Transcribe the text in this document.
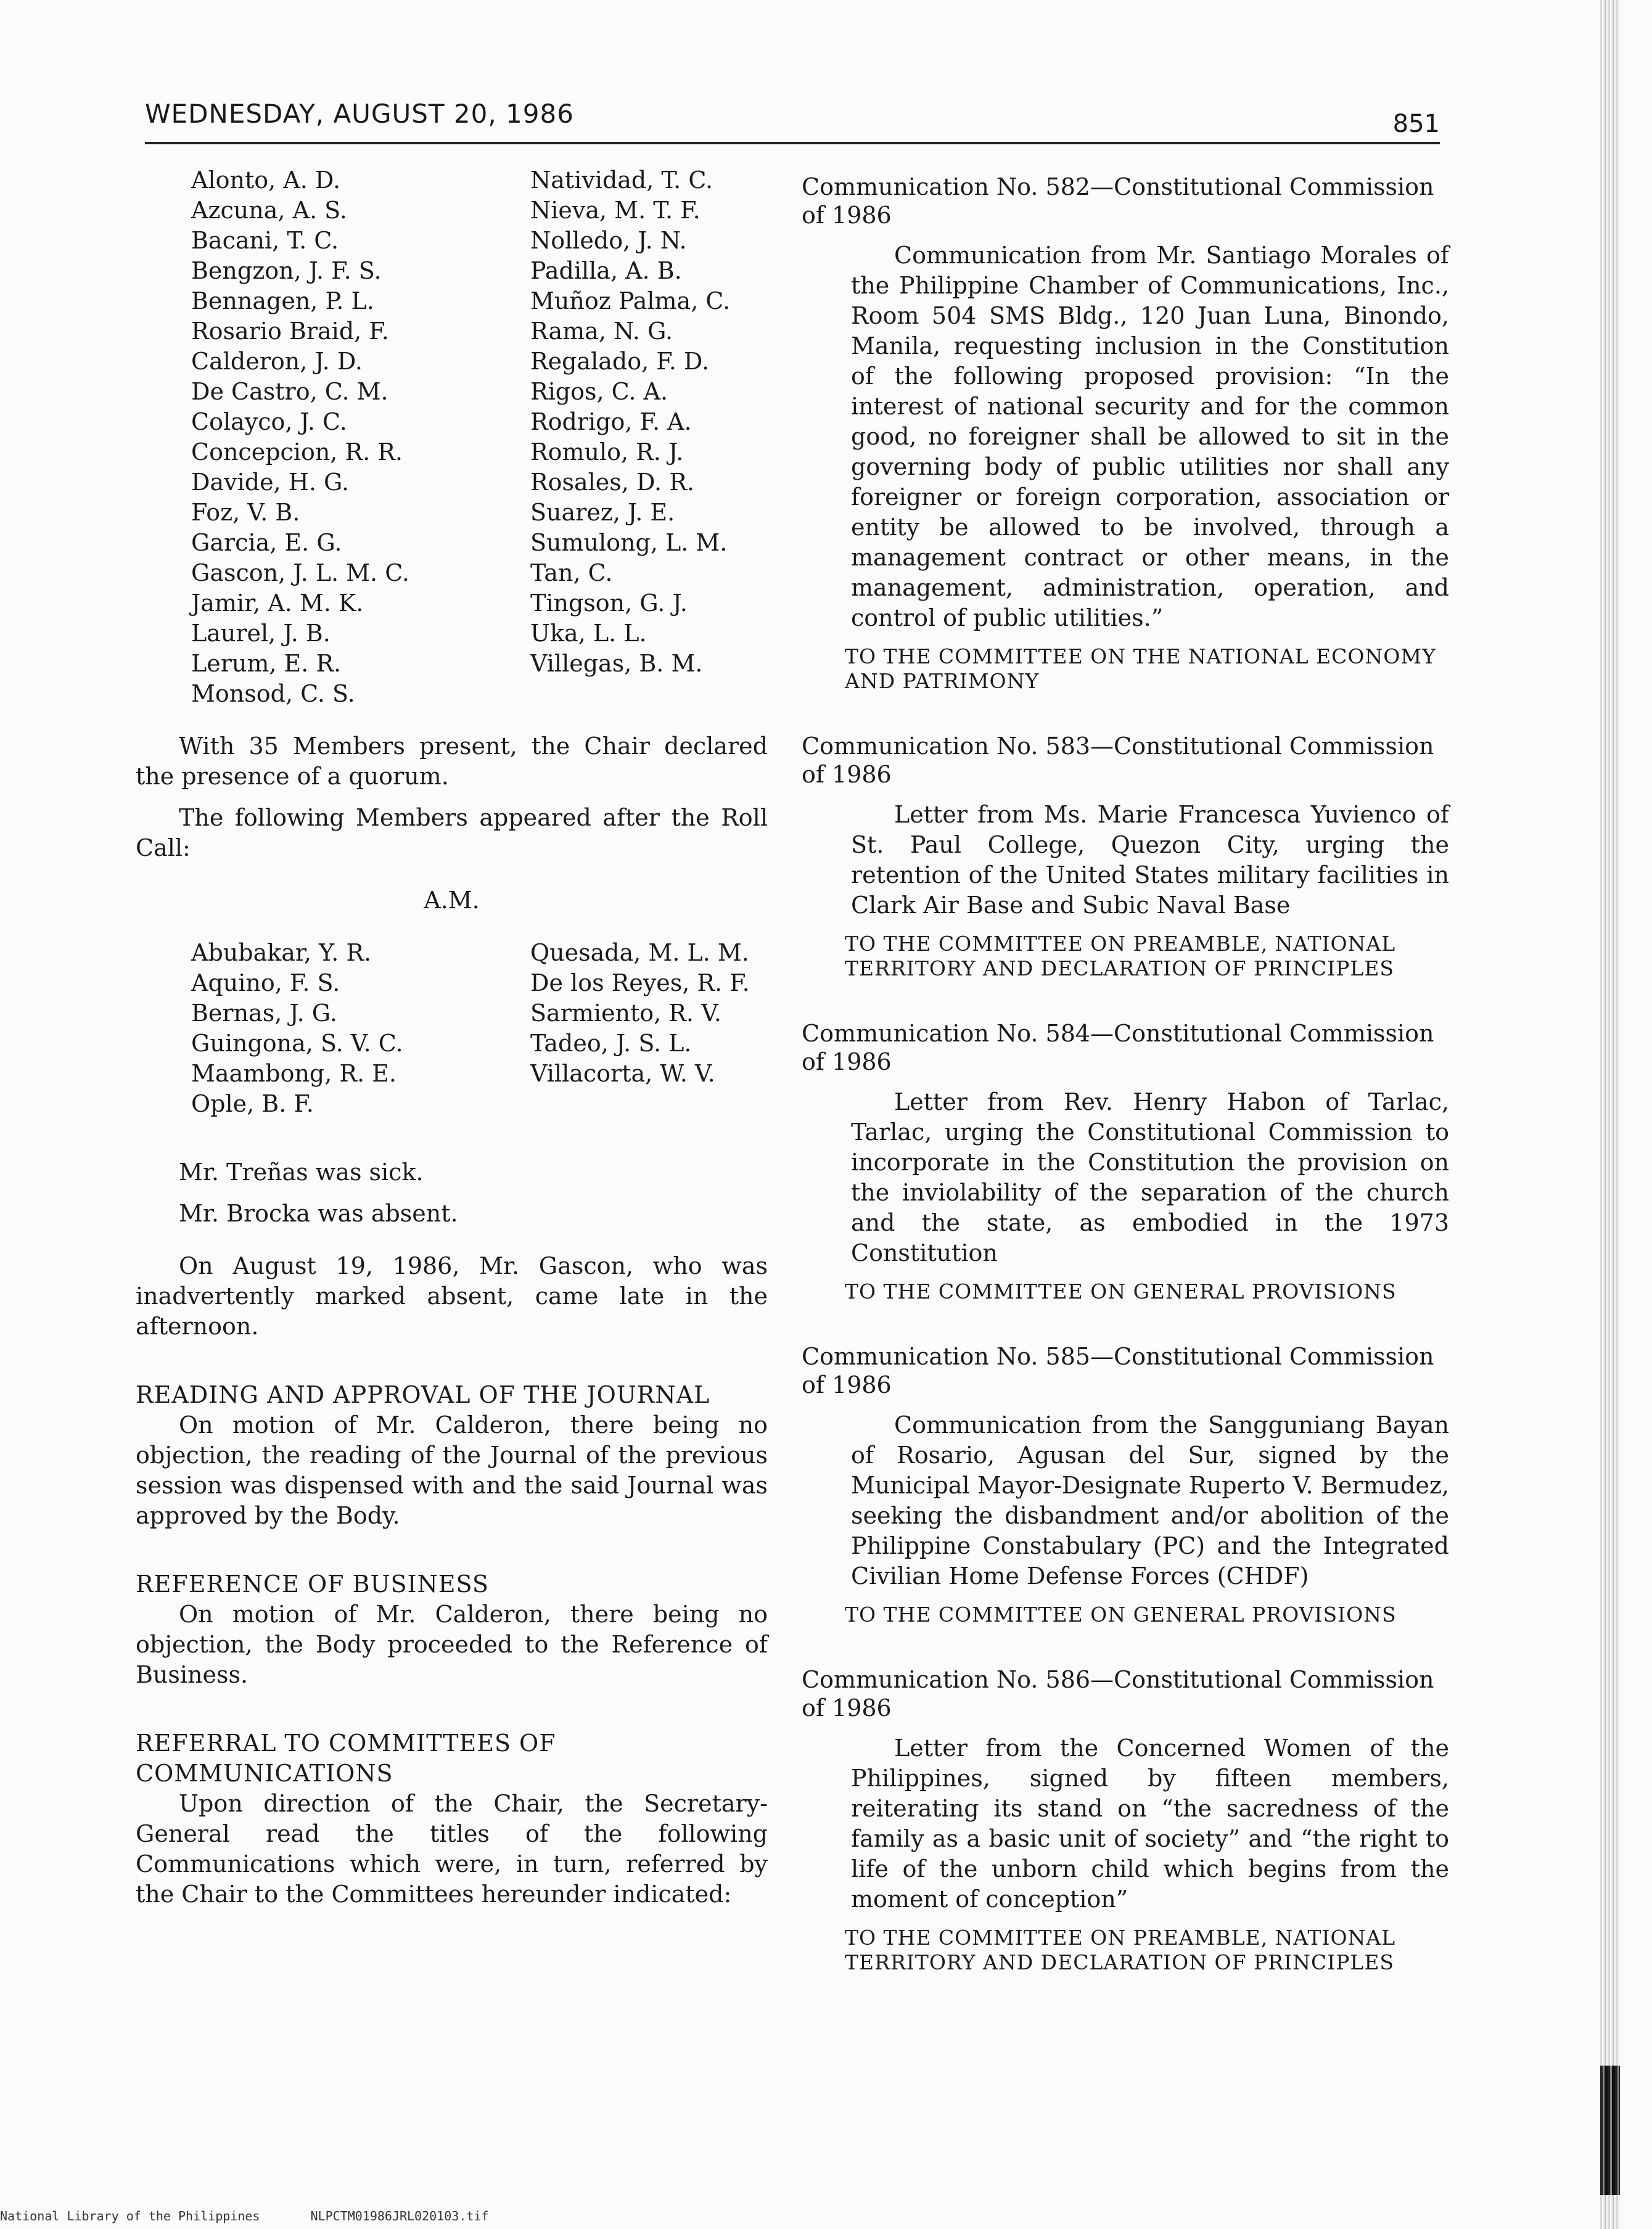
WEDNESDAY, AUGUST 20, 1986	851
Alonto, A. D.
Azcuna, A. S.
Bacani, T. C.
Bengzon, J. F. S.
Bennagen, P. L.
Rosario Braid, F.
Calderon, J. D.
De Castro, C. M.
Colayco, J. C.
Concepcion, R. R.
Davide, H. G.
Foz, V. B.
Garcia, E. G.
Gascon, J. L. M. C.
Jamir, A. M. K.
Laurel, J. B.
Lerum, E. R.
Monsod, C. S.
Natividad, T. C.
Nieva, M. T. F.
Nolledo, J. N.
Padilla, A. B.
Muñoz Palma, C.
Rama, N. G.
Regalado, F. D.
Rigos, C. A.
Rodrigo, F. A.
Romulo, R. J.
Rosales, D. R.
Suarez, J. E.
Sumulong, L. M.
Tan, C.
Tingson, G. J.
Uka, L. L.
Villegas, B. M.

With 35 Members present, the Chair declared the presence of a quorum.

The following Members appeared after the Roll Call:

A.M.
Abubakar, Y. R.
Aquino, F. S.
Bernas, J. G.
Guingona, S. V. C.
Maambong, R. E.
Ople, B. F.
Quesada, M. L. M.
De los Reyes, R. F.
Sarmiento, R. V.
Tadeo, J. S. L.
Villacorta, W. V.

Mr. Treñas was sick.

Mr. Brocka was absent.

On August 19, 1986, Mr. Gascon, who was inadvertently marked absent, came late in the afternoon.

READING AND APPROVAL OF THE JOURNAL

On motion of Mr. Calderon, there being no objection, the reading of the Journal of the previous session was dispensed with and the said Journal was approved by the Body.

REFERENCE OF BUSINESS

On motion of Mr. Calderon, there being no objection, the Body proceeded to the Reference of Business.

REFERRAL TO COMMITTEES OF COMMUNICATIONS

Upon direction of the Chair, the Secretary-General read the titles of the following Communications which were, in turn, referred by the Chair to the Committees hereunder indicated:

Communication No. 582—Constitutional Commission of 1986

Communication from Mr. Santiago Morales of the Philippine Chamber of Communications, Inc., Room 504 SMS Bldg., 120 Juan Luna, Binondo, Manila, requesting inclusion in the Constitution of the following proposed provision: “In the interest of national security and for the common good, no foreigner shall be allowed to sit in the governing body of public utilities nor shall any foreigner or foreign corporation, association or entity be allowed to be involved, through a management contract or other means, in the management, administration, operation, and control of public utilities.”

TO THE COMMITTEE ON THE NATIONAL ECONOMY AND PATRIMONY
Communication No. 583—Constitutional Commission of 1986

Letter from Ms. Marie Francesca Yuvienco of St. Paul College, Quezon City, urging the retention of the United States military facilities in Clark Air Base and Subic Naval Base

TO THE COMMITTEE ON PREAMBLE, NATIONAL TERRITORY AND DECLARATION OF PRINCIPLES
Communication No. 584—Constitutional Commission of 1986

Letter from Rev. Henry Habon of Tarlac, Tarlac, urging the Constitutional Commission to incorporate in the Constitution the provision on the inviolability of the separation of the church and the state, as embodied in the 1973 Constitution

TO THE COMMITTEE ON GENERAL PROVISIONS
Communication No. 585—Constitutional Commission of 1986

Communication from the Sangguniang Bayan of Rosario, Agusan del Sur, signed by the Municipal Mayor-Designate Ruperto V. Bermudez, seeking the disbandment and/or abolition of the Philippine Constabulary (PC) and the Integrated Civilian Home Defense Forces (CHDF)

TO THE COMMITTEE ON GENERAL PROVISIONS
Communication No. 586—Constitutional Commission of 1986

Letter from the Concerned Women of the Philippines, signed by fifteen members, reiterating its stand on “the sacredness of the family as a basic unit of society” and “the right to life of the unborn child which begins from the moment of conception”

TO THE COMMITTEE ON PREAMBLE, NATIONAL TERRITORY AND DECLARATION OF PRINCIPLES
National Library of the Philippines	NLPCTM01986JRL020103.tif
